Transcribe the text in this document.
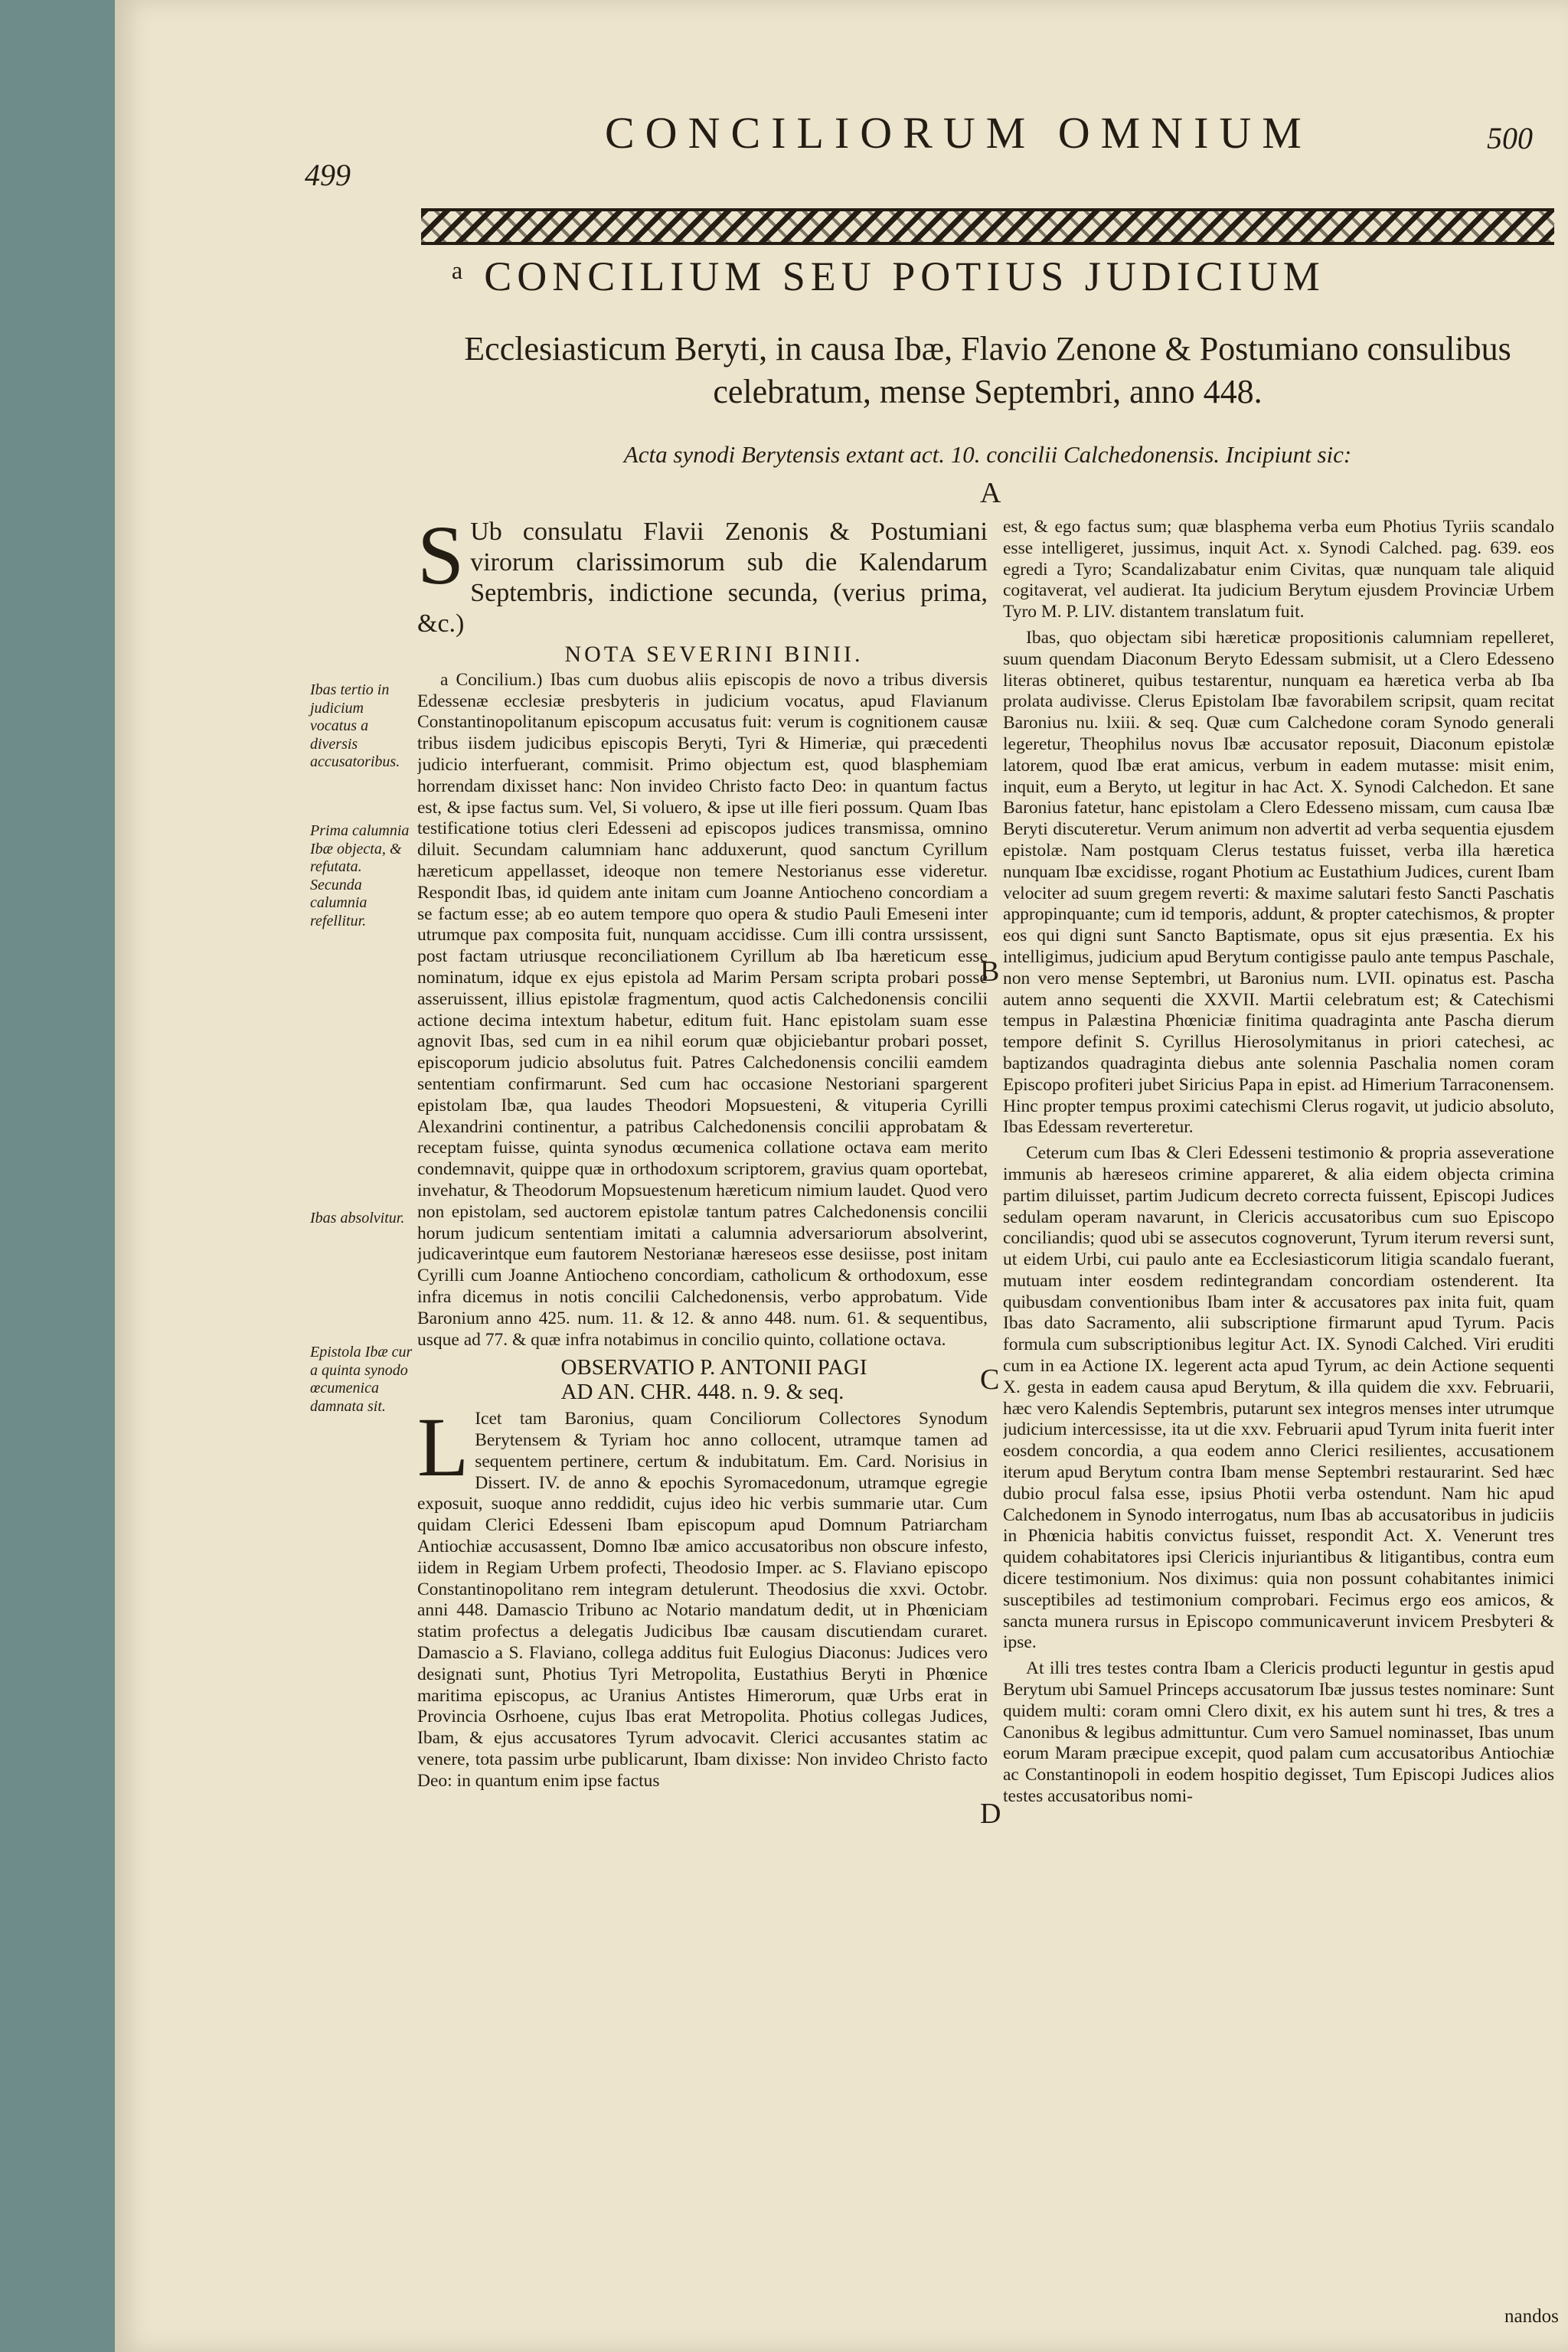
499
CONCILIORUM OMNIUM	500
ᵃ CONCILIUM SEU POTIUS JUDICIUM
Ecclesiasticum Beryti, in causa Ibæ, Flavio Zenone & Postumiano consulibus
celebratum, mense Septembri, anno 448.
Acta synodi Berytensis extant act. 10. concilii Calchedonensis. Incipiunt sic:
Ibas tertio in judicium vocatus a diversis accusatoribus.
Prima calumnia Ibæ objecta, & refutata. Secunda calumnia refellitur.
Ibas absolvitur.
Epistola Ibæ cur a quinta synodo œcumenica damnata sit.
A
B
C
D

S Ub consulatu Flavii Zenonis & Postumiani virorum clarissimorum sub die Kalendarum Septembris, indictione secunda, (verius prima, &c.)

NOTA SEVERINI BINII.

a Concilium.) Ibas cum duobus aliis episcopis de novo a tribus diversis Edessenæ ecclesiæ presbyteris in judicium vocatus, apud Flavianum Constantinopolitanum episcopum accusatus fuit: verum is cognitionem causæ tribus iisdem judicibus episcopis Beryti, Tyri & Himeriæ, qui præcedenti judicio interfuerant, commisit. Primo objectum est, quod blasphemiam horrendam dixisset hanc: Non invideo Christo facto Deo: in quantum factus est, & ipse factus sum. Vel, Si voluero, & ipse ut ille fieri possum. Quam Ibas testificatione totius cleri Edesseni ad episcopos judices transmissa, omnino diluit. Secundam calumniam hanc adduxerunt, quod sanctum Cyrillum hæreticum appellasset, ideoque non temere Nestorianus esse videretur. Respondit Ibas, id quidem ante initam cum Joanne Antiocheno concordiam a se factum esse; ab eo autem tempore quo opera & studio Pauli Emeseni inter utrumque pax composita fuit, nunquam accidisse. Cum illi contra urssissent, post factam utriusque reconciliationem Cyrillum ab Iba hæreticum esse nominatum, idque ex ejus epistola ad Marim Persam scripta probari posse asseruissent, illius epistolæ fragmentum, quod actis Calchedonensis concilii actione decima intextum habetur, editum fuit. Hanc epistolam suam esse agnovit Ibas, sed cum in ea nihil eorum quæ objiciebantur probari posset, episcoporum judicio absolutus fuit. Patres Calchedonensis concilii eamdem sententiam confirmarunt. Sed cum hac occasione Nestoriani spargerent epistolam Ibæ, qua laudes Theodori Mopsuesteni, & vituperia Cyrilli Alexandrini continentur, a patribus Calchedonensis concilii approbatam & receptam fuisse, quinta synodus œcumenica collatione octava eam merito condemnavit, quippe quæ in orthodoxum scriptorem, gravius quam oportebat, invehatur, & Theodorum Mopsuestenum hæreticum nimium laudet. Quod vero non epistolam, sed auctorem epistolæ tantum patres Calchedonensis concilii horum judicum sententiam imitati a calumnia adversariorum absolverint, judicaverintque eum fautorem Nestorianæ hæreseos esse desiisse, post initam Cyrilli cum Joanne Antiocheno concordiam, catholicum & orthodoxum, esse infra dicemus in notis concilii Calchedonensis, verbo approbatum. Vide Baronium anno 425. num. 11. & 12. & anno 448. num. 61. & sequentibus, usque ad 77. & quæ infra notabimus in concilio quinto, collatione octava.

OBSERVATIO P. ANTONII PAGI
AD AN. CHR. 448. n. 9. & seq.

L Icet tam Baronius, quam Conciliorum Collectores Synodum Berytensem & Tyriam hoc anno collocent, utramque tamen ad sequentem pertinere, certum & indubitatum. Em. Card. Norisius in Dissert. IV. de anno & epochis Syromacedonum, utramque egregie exposuit, suoque anno reddidit, cujus ideo hic verbis summarie utar. Cum quidam Clerici Edesseni Ibam episcopum apud Domnum Patriarcham Antiochiæ accusassent, Domno Ibæ amico accusatoribus non obscure infesto, iidem in Regiam Urbem profecti, Theodosio Imper. ac S. Flaviano episcopo Constantinopolitano rem integram detulerunt. Theodosius die xxvi. Octobr. anni 448. Damascio Tribuno ac Notario mandatum dedit, ut in Phœniciam statim profectus a delegatis Judicibus Ibæ causam discutiendam curaret. Damascio a S. Flaviano, collega additus fuit Eulogius Diaconus: Judices vero designati sunt, Photius Tyri Metropolita, Eustathius Beryti in Phœnice maritima episcopus, ac Uranius Antistes Himerorum, quæ Urbs erat in Provincia Osrhoene, cujus Ibas erat Metropolita. Photius collegas Judices, Ibam, & ejus accusatores Tyrum advocavit. Clerici accusantes statim ac venere, tota passim urbe publicarunt, Ibam dixisse: Non invideo Christo facto Deo: in quantum enim ipse factus

est, & ego factus sum; quæ blasphema verba eum Photius Tyriis scandalo esse intelligeret, jussimus, inquit Act. x. Synodi Calched. pag. 639. eos egredi a Tyro; Scandalizabatur enim Civitas, quæ nunquam tale aliquid cogitaverat, vel audierat. Ita judicium Berytum ejusdem Provinciæ Urbem Tyro M. P. LIV. distantem translatum fuit.

Ibas, quo objectam sibi hæreticæ propositionis calumniam repelleret, suum quendam Diaconum Beryto Edessam submisit, ut a Clero Edesseno literas obtineret, quibus testarentur, nunquam ea hæretica verba ab Iba prolata audivisse. Clerus Epistolam Ibæ favorabilem scripsit, quam recitat Baronius nu. lxiii. & seq. Quæ cum Calchedone coram Synodo generali legeretur, Theophilus novus Ibæ accusator reposuit, Diaconum epistolæ latorem, quod Ibæ erat amicus, verbum in eadem mutasse: misit enim, inquit, eum a Beryto, ut legitur in hac Act. X. Synodi Calchedon. Et sane Baronius fatetur, hanc epistolam a Clero Edesseno missam, cum causa Ibæ Beryti discuteretur. Verum animum non advertit ad verba sequentia ejusdem epistolæ. Nam postquam Clerus testatus fuisset, verba illa hæretica nunquam Ibæ excidisse, rogant Photium ac Eustathium Judices, curent Ibam velociter ad suum gregem reverti: & maxime salutari festo Sancti Paschatis appropinquante; cum id temporis, addunt, & propter catechismos, & propter eos qui digni sunt Sancto Baptismate, opus sit ejus præsentia. Ex his intelligimus, judicium apud Berytum contigisse paulo ante tempus Paschale, non vero mense Septembri, ut Baronius num. LVII. opinatus est. Pascha autem anno sequenti die XXVII. Martii celebratum est; & Catechismi tempus in Palæstina Phœniciæ finitima quadraginta ante Pascha dierum tempore definit S. Cyrillus Hierosolymitanus in priori catechesi, ac baptizandos quadraginta diebus ante solennia Paschalia nomen coram Episcopo profiteri jubet Siricius Papa in epist. ad Himerium Tarraconensem. Hinc propter tempus proximi catechismi Clerus rogavit, ut judicio absoluto, Ibas Edessam reverteretur.

Ceterum cum Ibas & Cleri Edesseni testimonio & propria asseveratione immunis ab hæreseos crimine appareret, & alia eidem objecta crimina partim diluisset, partim Judicum decreto correcta fuissent, Episcopi Judices sedulam operam navarunt, in Clericis accusatoribus cum suo Episcopo conciliandis; quod ubi se assecutos cognoverunt, Tyrum iterum reversi sunt, ut eidem Urbi, cui paulo ante ea Ecclesiasticorum litigia scandalo fuerant, mutuam inter eosdem redintegrandam concordiam ostenderent. Ita quibusdam conventionibus Ibam inter & accusatores pax inita fuit, quam Ibas dato Sacramento, alii subscriptione firmarunt apud Tyrum. Pacis formula cum subscriptionibus legitur Act. IX. Synodi Calched. Viri eruditi cum in ea Actione IX. legerent acta apud Tyrum, ac dein Actione sequenti X. gesta in eadem causa apud Berytum, & illa quidem die xxv. Februarii, hæc vero Kalendis Septembris, putarunt sex integros menses inter utrumque judicium intercessisse, ita ut die xxv. Februarii apud Tyrum inita fuerit inter eosdem concordia, a qua eodem anno Clerici resilientes, accusationem iterum apud Berytum contra Ibam mense Septembri restaurarint. Sed hæc dubio procul falsa esse, ipsius Photii verba ostendunt. Nam hic apud Calchedonem in Synodo interrogatus, num Ibas ab accusatoribus in judiciis in Phœnicia habitis convictus fuisset, respondit Act. X. Venerunt tres quidem cohabitatores ipsi Clericis injuriantibus & litigantibus, contra eum dicere testimonium. Nos diximus: quia non possunt cohabitantes inimici susceptibiles ad testimonium comprobari. Fecimus ergo eos amicos, & sancta munera rursus in Episcopo communicaverunt invicem Presbyteri & ipse.

At illi tres testes contra Ibam a Clericis producti leguntur in gestis apud Berytum ubi Samuel Princeps accusatorum Ibæ jussus testes nominare: Sunt quidem multi: coram omni Clero dixit, ex his autem sunt hi tres, & tres a Canonibus & legibus admittuntur. Cum vero Samuel nominasset, Ibas unum eorum Maram præcipue excepit, quod palam cum accusatoribus Antiochiæ ac Constantinopoli in eodem hospitio degisset, Tum Episcopi Judices alios testes accusatoribus nomi-

nandos
